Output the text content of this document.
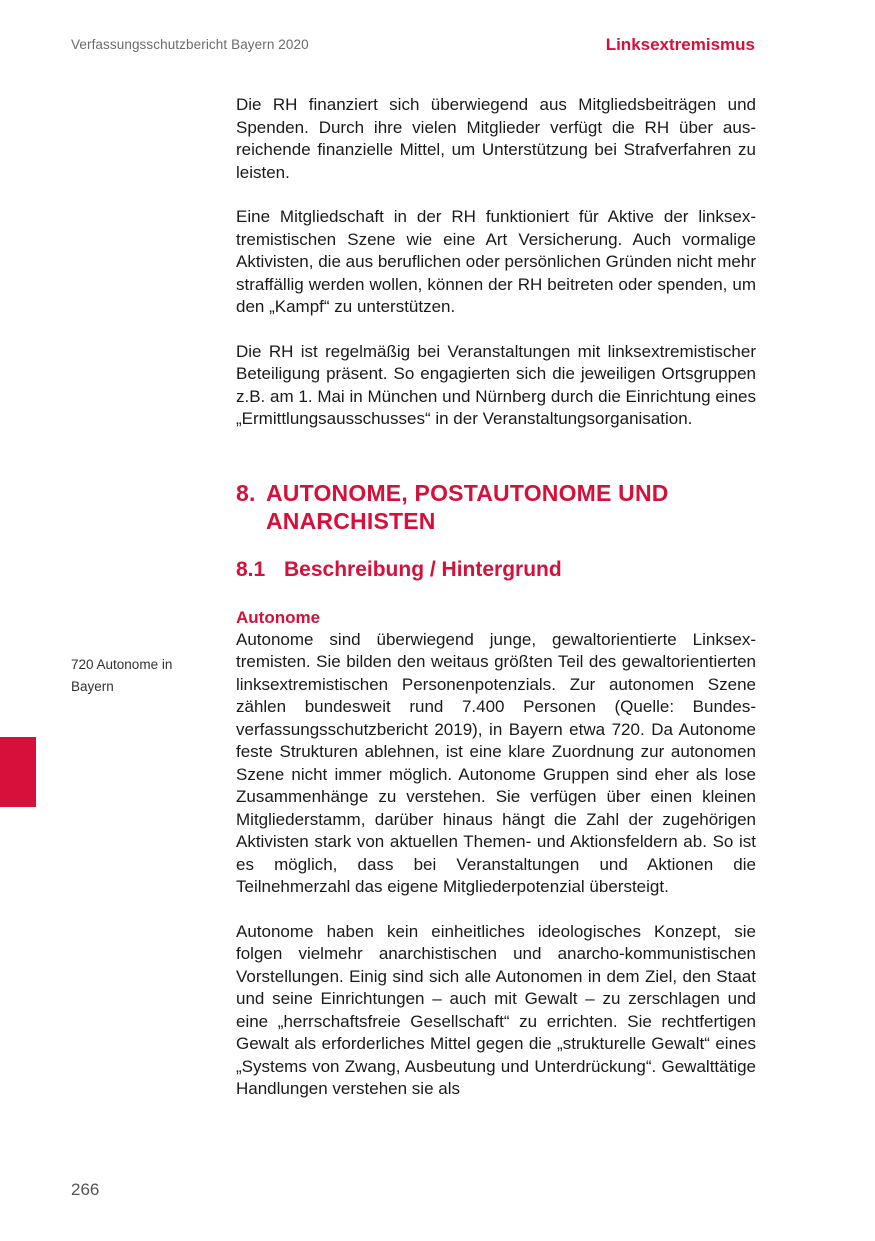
Verfassungsschutzbericht Bayern 2020	Linksextremismus
720 Autonome in
Bayern

Die RH finanziert sich überwiegend aus Mitgliedsbeiträgen und Spenden. Durch ihre vielen Mitglieder verfügt die RH über ausreichende finanzielle Mittel, um Unterstützung bei Strafverfahren zu leisten.

Eine Mitgliedschaft in der RH funktioniert für Aktive der linksextremistischen Szene wie eine Art Versicherung. Auch vormalige Aktivisten, die aus beruflichen oder persönlichen Gründen nicht mehr straffällig werden wollen, können der RH beitreten oder spenden, um den „Kampf“ zu unterstützen.

Die RH ist regelmäßig bei Veranstaltungen mit linksextremistischer Beteiligung präsent. So engagierten sich die jeweiligen Ortsgruppen z.B. am 1. Mai in München und Nürnberg durch die Einrichtung eines „Ermittlungsausschusses“ in der Veranstaltungsorganisation.

8. AUTONOME, POSTAUTONOME UND ANARCHISTEN
8.1 Beschreibung / Hintergrund
Autonome

Autonome sind überwiegend junge, gewaltorientierte Linksextremisten. Sie bilden den weitaus größten Teil des gewaltorientierten linksextremistischen Personenpotenzials. Zur autonomen Szene zählen bundesweit rund 7.400 Personen (Quelle: Bundesverfassungsschutzbericht 2019), in Bayern etwa 720. Da Autonome feste Strukturen ablehnen, ist eine klare Zuordnung zur autonomen Szene nicht immer möglich. Autonome Gruppen sind eher als lose Zusammenhänge zu verstehen. Sie verfügen über einen kleinen Mitgliederstamm, darüber hinaus hängt die Zahl der zugehörigen Aktivisten stark von aktuellen Themen- und Aktionsfeldern ab. So ist es möglich, dass bei Veranstaltungen und Aktionen die Teilnehmerzahl das eigene Mitgliederpotenzial übersteigt.

Autonome haben kein einheitliches ideologisches Konzept, sie folgen vielmehr anarchistischen und anarcho-kommunistischen Vorstellungen. Einig sind sich alle Autonomen in dem Ziel, den Staat und seine Einrichtungen – auch mit Gewalt – zu zerschlagen und eine „herrschaftsfreie Gesellschaft“ zu errichten. Sie rechtfertigen Gewalt als erforderliches Mittel gegen die „strukturelle Gewalt“ eines „Systems von Zwang, Ausbeutung und Unterdrückung“. Gewalttätige Handlungen verstehen sie als

266
